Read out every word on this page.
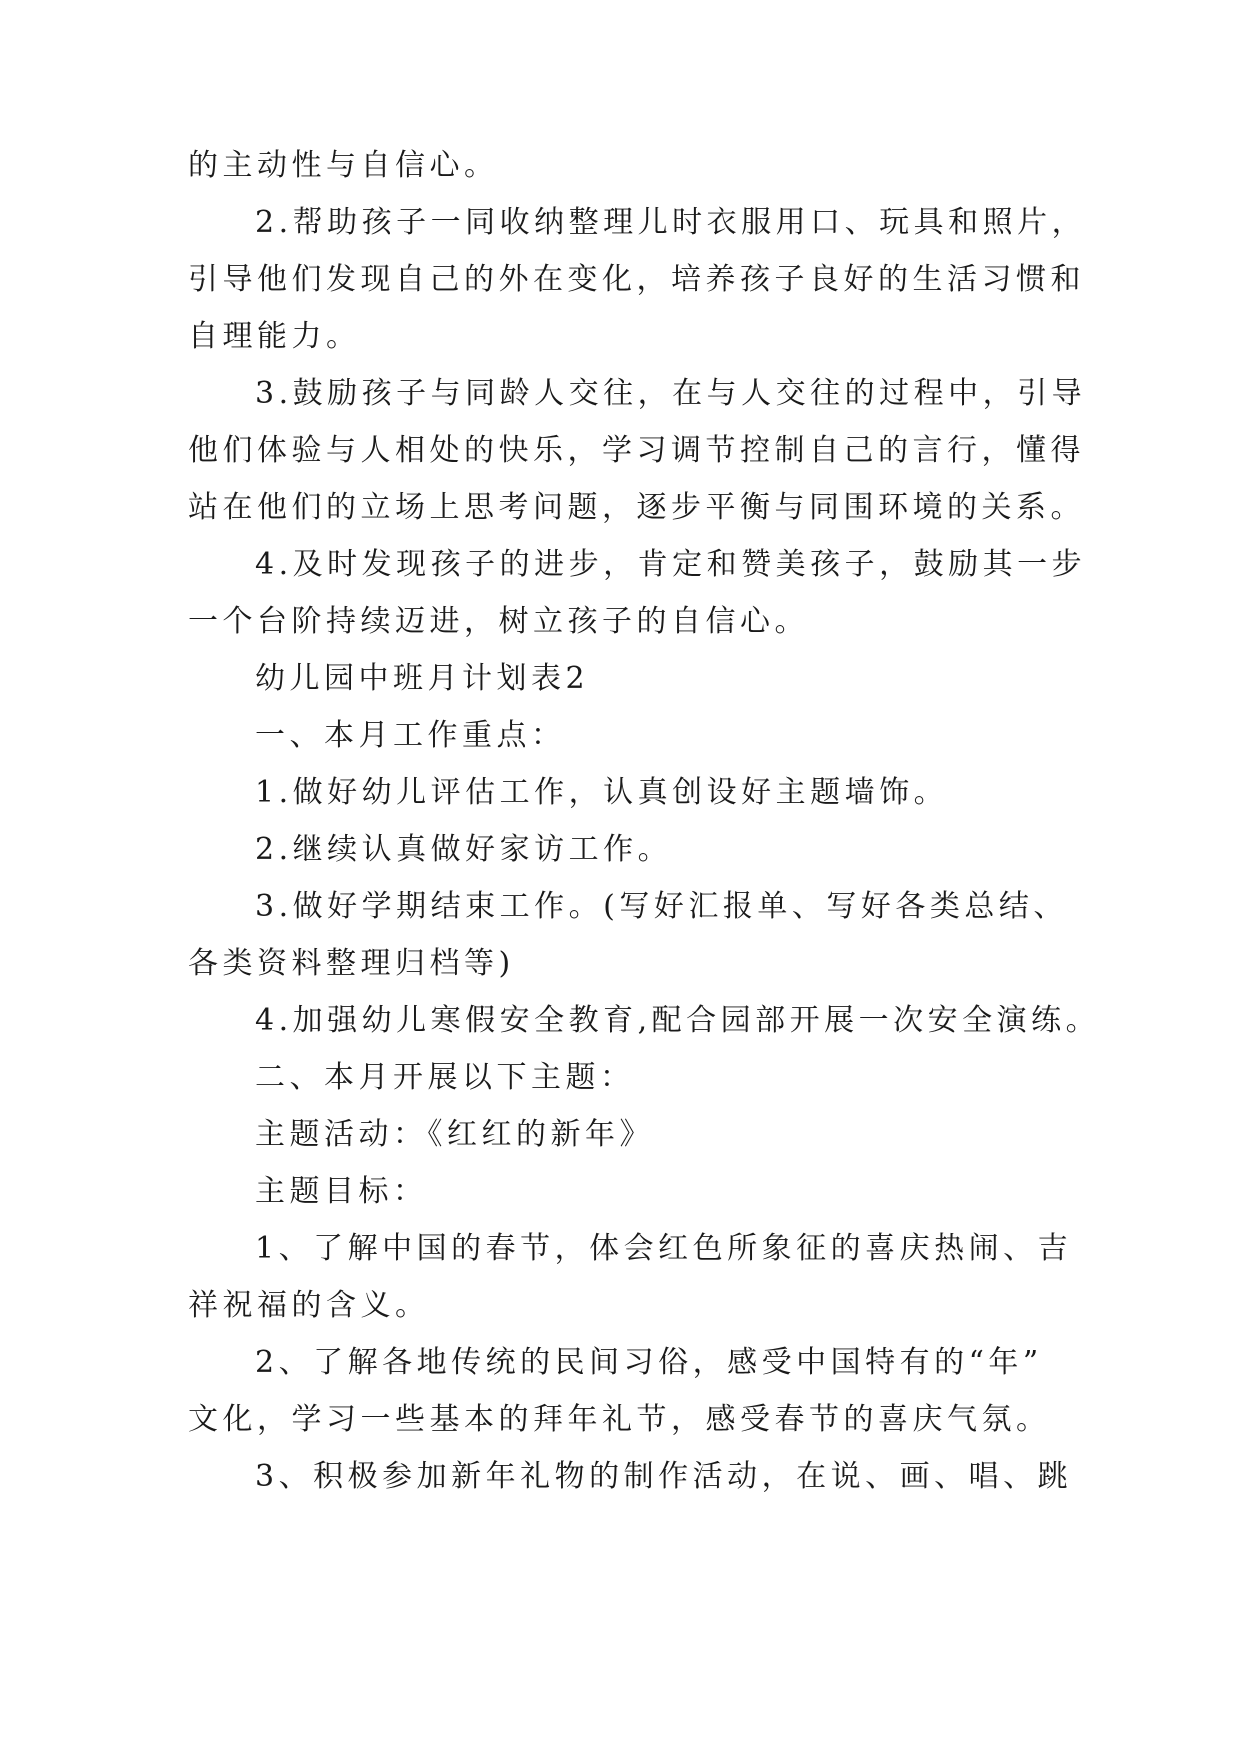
的主动性与自信心。
2.帮助孩子一同收纳整理儿时衣服用口、玩具和照片，
引导他们发现自己的外在变化，培养孩子良好的生活习惯和
自理能力。
3.鼓励孩子与同龄人交往，在与人交往的过程中，引导
他们体验与人相处的快乐，学习调节控制自己的言行，懂得
站在他们的立场上思考问题，逐步平衡与同围环境的关系。
4.及时发现孩子的进步，肯定和赞美孩子，鼓励其一步
一个台阶持续迈进，树立孩子的自信心。
幼儿园中班月计划表2
一、本月工作重点：
1.做好幼儿评估工作，认真创设好主题墙饰。
2.继续认真做好家访工作。
3.做好学期结束工作。(写好汇报单、写好各类总结、
各类资料整理归档等)
4.加强幼儿寒假安全教育,配合园部开展一次安全演练。
二、本月开展以下主题：
主题活动：《红红的新年》
主题目标：
1、了解中国的春节，体会红色所象征的喜庆热闹、吉
祥祝福的含义。
2、了解各地传统的民间习俗，感受中国特有的“年”
文化，学习一些基本的拜年礼节，感受春节的喜庆气氛。
3、积极参加新年礼物的制作活动，在说、画、唱、跳
